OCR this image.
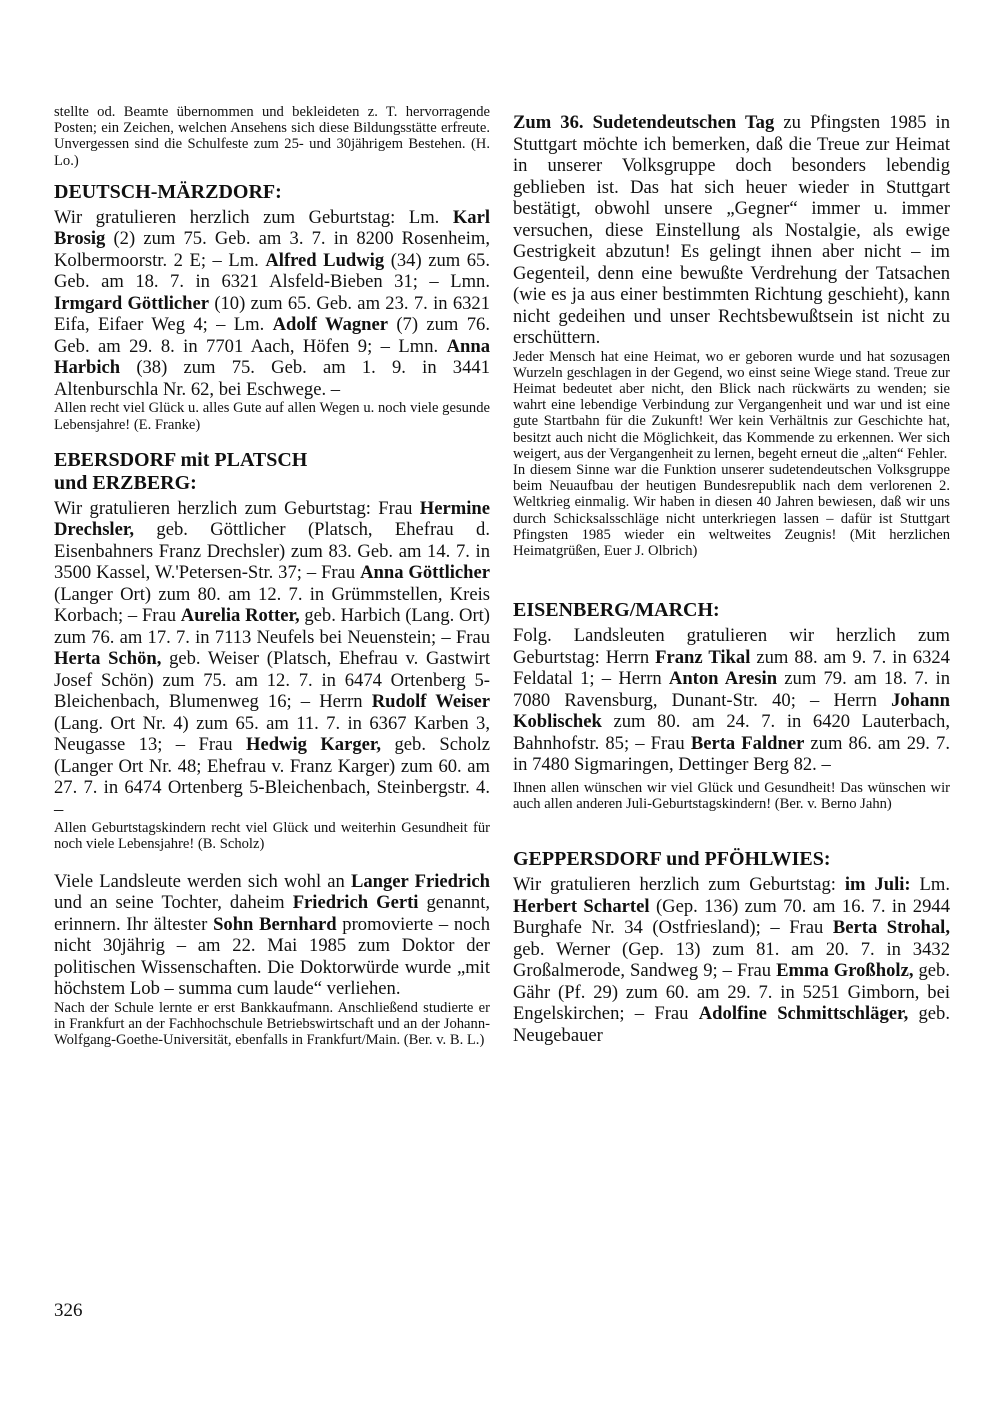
stellte od. Beamte übernommen und bekleideten z. T. hervorragende Posten; ein Zeichen, welchen Ansehens sich diese Bildungsstätte erfreute. Unvergessen sind die Schulfeste zum 25- und 30jährigem Bestehen. (H. Lo.)

DEUTSCH-MÄRZDORF:

Wir gratulieren herzlich zum Geburtstag: Lm. Karl Brosig (2) zum 75. Geb. am 3. 7. in 8200 Rosenheim, Kolbermoorstr. 2 E; – Lm. Alfred Ludwig (34) zum 65. Geb. am 18. 7. in 6321 Alsfeld-Bieben 31; – Lmn. Irmgard Göttlicher (10) zum 65. Geb. am 23. 7. in 6321 Eifa, Eifaer Weg 4; – Lm. Adolf Wagner (7) zum 76. Geb. am 29. 8. in 7701 Aach, Höfen 9; – Lmn. Anna Harbich (38) zum 75. Geb. am 1. 9. in 3441 Altenburschla Nr. 62, bei Eschwege. –

Allen recht viel Glück u. alles Gute auf allen Wegen u. noch viele gesunde Lebensjahre! (E. Franke)

EBERSDORF mit PLATSCH
und ERZBERG:

Wir gratulieren herzlich zum Geburtstag: Frau Hermine Drechsler, geb. Göttlicher (Platsch, Ehefrau d. Eisenbahners Franz Drechsler) zum 83. Geb. am 14. 7. in 3500 Kassel, W.'Petersen-Str. 37; – Frau Anna Göttlicher (Langer Ort) zum 80. am 12. 7. in Grümmstellen, Kreis Korbach; – Frau Aurelia Rotter, geb. Harbich (Lang. Ort) zum 76. am 17. 7. in 7113 Neufels bei Neuenstein; – Frau Herta Schön, geb. Weiser (Platsch, Ehefrau v. Gastwirt Josef Schön) zum 75. am 12. 7. in 6474 Ortenberg 5-Bleichenbach, Blumenweg 16; – Herrn Rudolf Weiser (Lang. Ort Nr. 4) zum 65. am 11. 7. in 6367 Karben 3, Neugasse 13; – Frau Hedwig Karger, geb. Scholz (Langer Ort Nr. 48; Ehefrau v. Franz Karger) zum 60. am 27. 7. in 6474 Ortenberg 5-Bleichenbach, Steinbergstr. 4. –

Allen Geburtstagskindern recht viel Glück und weiterhin Gesundheit für noch viele Lebensjahre! (B. Scholz)

Viele Landsleute werden sich wohl an Langer Friedrich und an seine Tochter, daheim Friedrich Gerti genannt, erinnern. Ihr ältester Sohn Bernhard promovierte – noch nicht 30jährig – am 22. Mai 1985 zum Doktor der politischen Wissenschaften. Die Doktorwürde wurde „mit höchstem Lob – summa cum laude“ verliehen.

Nach der Schule lernte er erst Bankkaufmann. Anschließend studierte er in Frankfurt an der Fachhochschule Betriebswirtschaft und an der Johann-Wolfgang-Goethe-Universität, ebenfalls in Frankfurt/Main. (Ber. v. B. L.)

Zum 36. Sudetendeutschen Tag zu Pfingsten 1985 in Stuttgart möchte ich bemerken, daß die Treue zur Heimat in unserer Volksgruppe doch besonders lebendig geblieben ist. Das hat sich heuer wieder in Stuttgart bestätigt, obwohl unsere „Gegner“ immer u. immer versuchen, diese Einstellung als Nostalgie, als ewige Gestrigkeit abzutun! Es gelingt ihnen aber nicht – im Gegenteil, denn eine bewußte Verdrehung der Tatsachen (wie es ja aus einer bestimmten Richtung geschieht), kann nicht gedeihen und unser Rechtsbewußtsein ist nicht zu erschüttern.

Jeder Mensch hat eine Heimat, wo er geboren wurde und hat sozusagen Wurzeln geschlagen in der Gegend, wo einst seine Wiege stand. Treue zur Heimat bedeutet aber nicht, den Blick nach rückwärts zu wenden; sie wahrt eine lebendige Verbindung zur Vergangenheit und war und ist eine gute Startbahn für die Zukunft! Wer kein Verhältnis zur Geschichte hat, besitzt auch nicht die Möglichkeit, das Kommende zu erkennen. Wer sich weigert, aus der Vergangenheit zu lernen, begeht erneut die „alten“ Fehler.

In diesem Sinne war die Funktion unserer sudetendeutschen Volksgruppe beim Neuaufbau der heutigen Bundesrepublik nach dem verlorenen 2. Weltkrieg einmalig. Wir haben in diesen 40 Jahren bewiesen, daß wir uns durch Schicksalsschläge nicht unterkriegen lassen – dafür ist Stuttgart Pfingsten 1985 wieder ein weltweites Zeugnis! (Mit herzlichen Heimatgrüßen, Euer J. Olbrich)

EISENBERG/MARCH:

Folg. Landsleuten gratulieren wir herzlich zum Geburtstag: Herrn Franz Tikal zum 88. am 9. 7. in 6324 Feldatal 1; – Herrn Anton Aresin zum 79. am 18. 7. in 7080 Ravensburg, Dunant-Str. 40; – Herrn Johann Koblischek zum 80. am 24. 7. in 6420 Lauterbach, Bahnhofstr. 85; – Frau Berta Faldner zum 86. am 29. 7. in 7480 Sigmaringen, Dettinger Berg 82. –

Ihnen allen wünschen wir viel Glück und Gesundheit! Das wünschen wir auch allen anderen Juli-Geburtstagskindern! (Ber. v. Berno Jahn)

GEPPERSDORF und PFÖHLWIES:

Wir gratulieren herzlich zum Geburtstag: im Juli: Lm. Herbert Schartel (Gep. 136) zum 70. am 16. 7. in 2944 Burghafe Nr. 34 (Ostfriesland); – Frau Berta Strohal, geb. Werner (Gep. 13) zum 81. am 20. 7. in 3432 Großalmerode, Sandweg 9; – Frau Emma Großholz, geb. Gähr (Pf. 29) zum 60. am 29. 7. in 5251 Gimborn, bei Engelskirchen; – Frau Adolfine Schmittschläger, geb. Neugebauer

326
